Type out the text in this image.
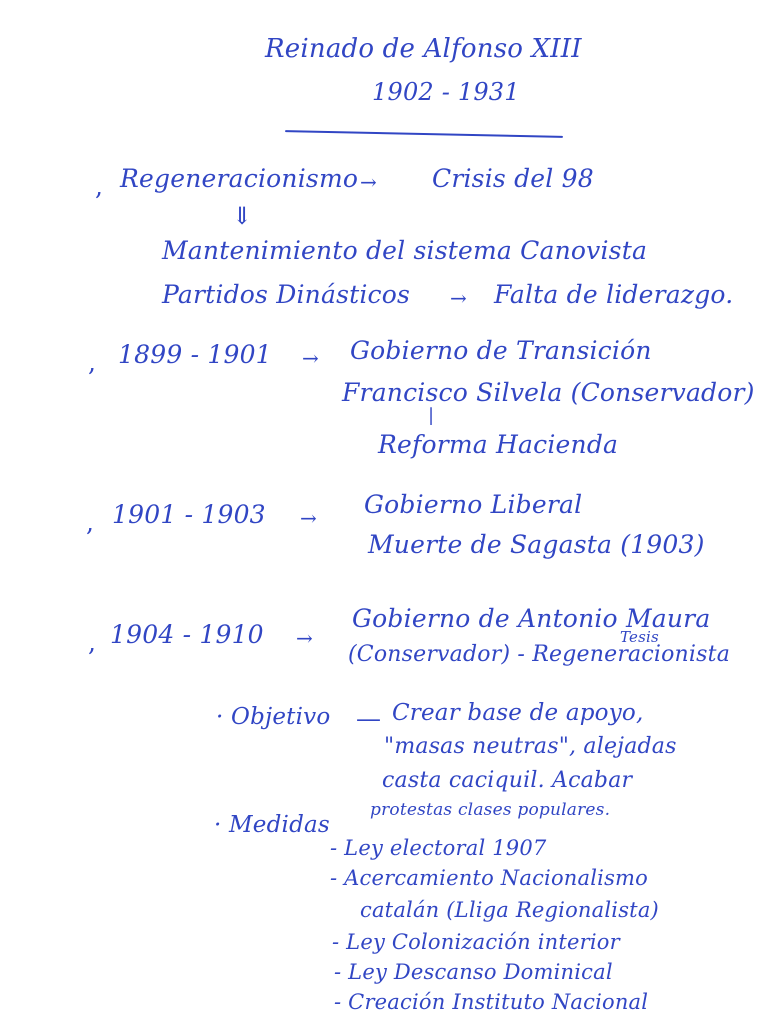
Reinado de Alfonso XIII
1902 - 1931
, Regeneracionismo → Crisis del 98
⇓
Mantenimiento del sistema Canovista
Partidos Dinásticos → Falta de liderazgo.
, 1899 - 1901 → Gobierno de Transición
Francisco Silvela (Conservador)
|
Reforma Hacienda
, 1901 - 1903 → Gobierno Liberal
Muerte de Sagasta (1903)
, 1904 - 1910 →
Gobierno de Antonio Maura
Tesis
(Conservador) - Regeneracionista
· Objetivo — Crear base de apoyo,
"masas neutras", alejadas
casta caciquil. Acabar
protestas clases populares.
· Medidas
- Ley electoral 1907
- Acercamiento Nacionalismo
catalán (Lliga Regionalista)
- Ley Colonización interior
- Ley Descanso Dominical
- Creación Instituto Nacional
